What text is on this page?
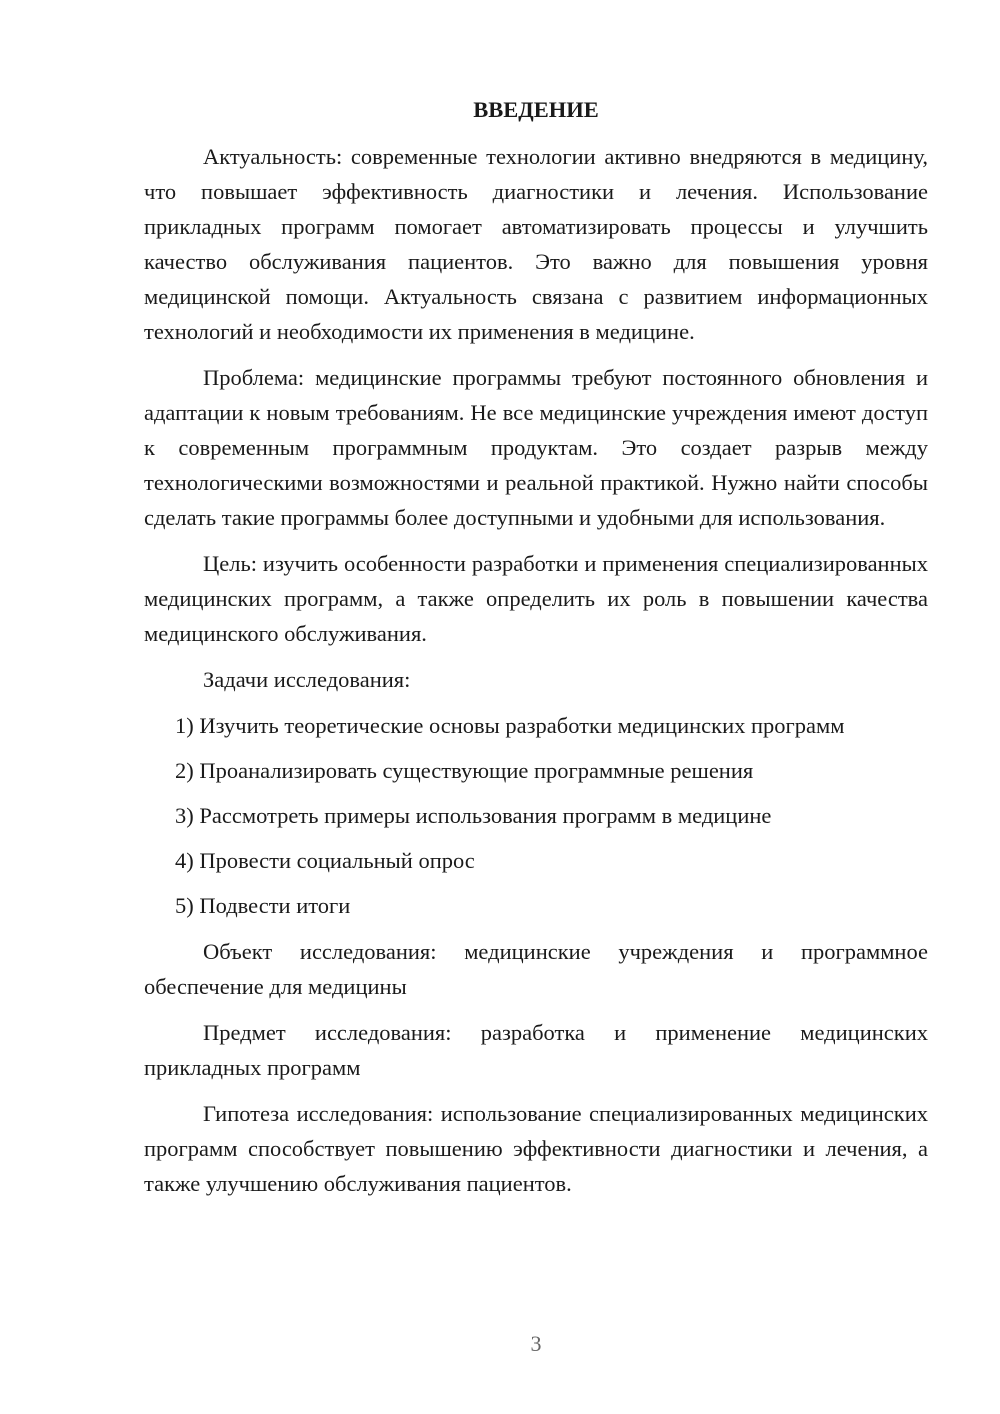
ВВЕДЕНИЕ

Актуальность: современные технологии активно внедряются в медицину, что повышает эффективность диагностики и лечения. Использование прикладных программ помогает автоматизировать процессы и улучшить качество обслуживания пациентов. Это важно для повышения уровня медицинской помощи. Актуальность связана с развитием информационных технологий и необходимости их применения в медицине.

Проблема: медицинские программы требуют постоянного обновления и адаптации к новым требованиям. Не все медицинские учреждения имеют доступ к современным программным продуктам. Это создает разрыв между технологическими возможностями и реальной практикой. Нужно найти способы сделать такие программы более доступными и удобными для использования.

Цель: изучить особенности разработки и применения специализированных медицинских программ, а также определить их роль в повышении качества медицинского обслуживания.

Задачи исследования:

1) Изучить теоретические основы разработки медицинских программ
2) Проанализировать существующие программные решения
3) Рассмотреть примеры использования программ в медицине
4) Провести социальный опрос
5) Подвести итоги

Объект исследования: медицинские учреждения и программное обеспечение для медицины

Предмет исследования: разработка и применение медицинских прикладных программ

Гипотеза исследования: использование специализированных медицинских программ способствует повышению эффективности диагностики и лечения, а также улучшению обслуживания пациентов.

3
